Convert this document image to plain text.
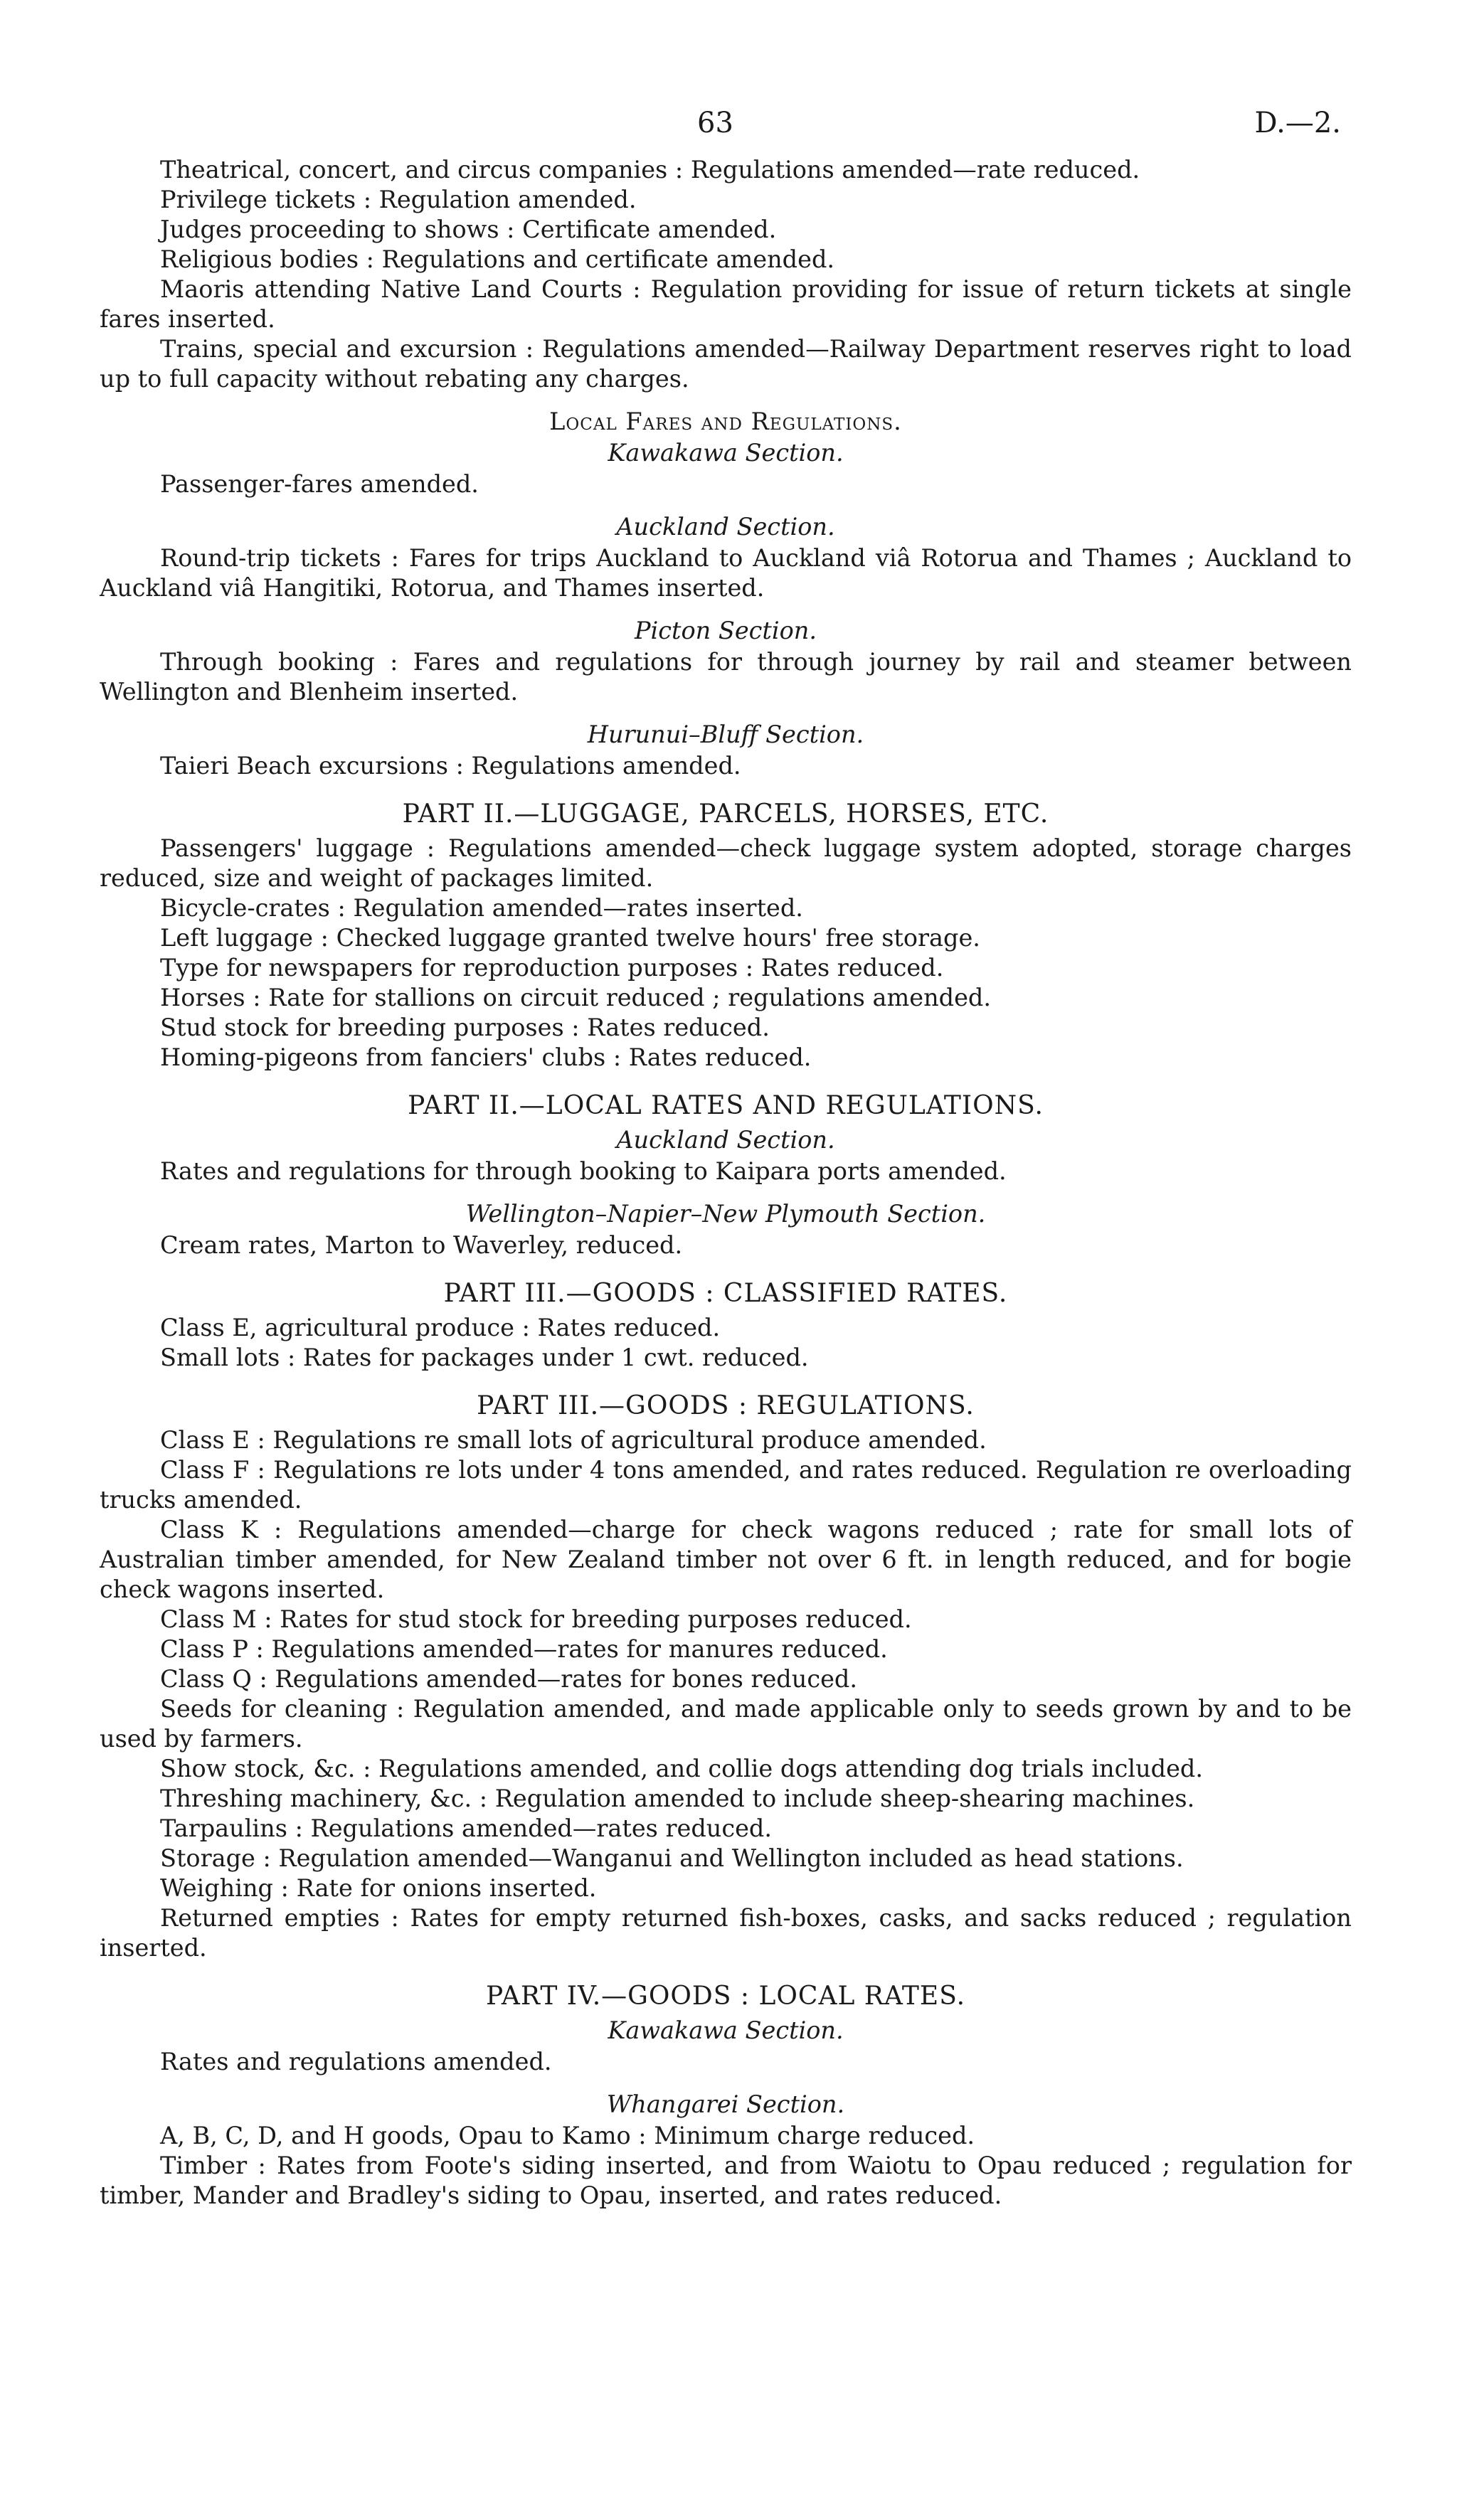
63	D.—2.

Theatrical, concert, and circus companies : Regulations amended—rate reduced.

Privilege tickets : Regulation amended.

Judges proceeding to shows : Certificate amended.

Religious bodies : Regulations and certificate amended.

Maoris attending Native Land Courts : Regulation providing for issue of return tickets at single fares inserted.

Trains, special and excursion : Regulations amended—Railway Department reserves right to load up to full capacity without rebating any charges.

Local Fares and Regulations.
Kawakawa Section.

Passenger-fares amended.

Auckland Section.

Round-trip tickets : Fares for trips Auckland to Auckland viâ Rotorua and Thames ; Auckland to Auckland viâ Hangitiki, Rotorua, and Thames inserted.

Picton Section.

Through booking : Fares and regulations for through journey by rail and steamer between Wellington and Blenheim inserted.

Hurunui–Bluff Section.

Taieri Beach excursions : Regulations amended.

PART II.—LUGGAGE, PARCELS, HORSES, ETC.

Passengers' luggage : Regulations amended—check luggage system adopted, storage charges reduced, size and weight of packages limited.

Bicycle-crates : Regulation amended—rates inserted.

Left luggage : Checked luggage granted twelve hours' free storage.

Type for newspapers for reproduction purposes : Rates reduced.

Horses : Rate for stallions on circuit reduced ; regulations amended.

Stud stock for breeding purposes : Rates reduced.

Homing-pigeons from fanciers' clubs : Rates reduced.

PART II.—LOCAL RATES AND REGULATIONS.
Auckland Section.

Rates and regulations for through booking to Kaipara ports amended.

Wellington–Napier–New Plymouth Section.

Cream rates, Marton to Waverley, reduced.

PART III.—GOODS : CLASSIFIED RATES.

Class E, agricultural produce : Rates reduced.

Small lots : Rates for packages under 1 cwt. reduced.

PART III.—GOODS : REGULATIONS.

Class E : Regulations re small lots of agricultural produce amended.

Class F : Regulations re lots under 4 tons amended, and rates reduced. Regulation re overloading trucks amended.

Class K : Regulations amended—charge for check wagons reduced ; rate for small lots of Australian timber amended, for New Zealand timber not over 6 ft. in length reduced, and for bogie check wagons inserted.

Class M : Rates for stud stock for breeding purposes reduced.

Class P : Regulations amended—rates for manures reduced.

Class Q : Regulations amended—rates for bones reduced.

Seeds for cleaning : Regulation amended, and made applicable only to seeds grown by and to be used by farmers.

Show stock, &c. : Regulations amended, and collie dogs attending dog trials included.

Threshing machinery, &c. : Regulation amended to include sheep-shearing machines.

Tarpaulins : Regulations amended—rates reduced.

Storage : Regulation amended—Wanganui and Wellington included as head stations.

Weighing : Rate for onions inserted.

Returned empties : Rates for empty returned fish-boxes, casks, and sacks reduced ; regulation inserted.

PART IV.—GOODS : LOCAL RATES.
Kawakawa Section.

Rates and regulations amended.

Whangarei Section.

A, B, C, D, and H goods, Opau to Kamo : Minimum charge reduced.

Timber : Rates from Foote's siding inserted, and from Waiotu to Opau reduced ; regulation for timber, Mander and Bradley's siding to Opau, inserted, and rates reduced.
